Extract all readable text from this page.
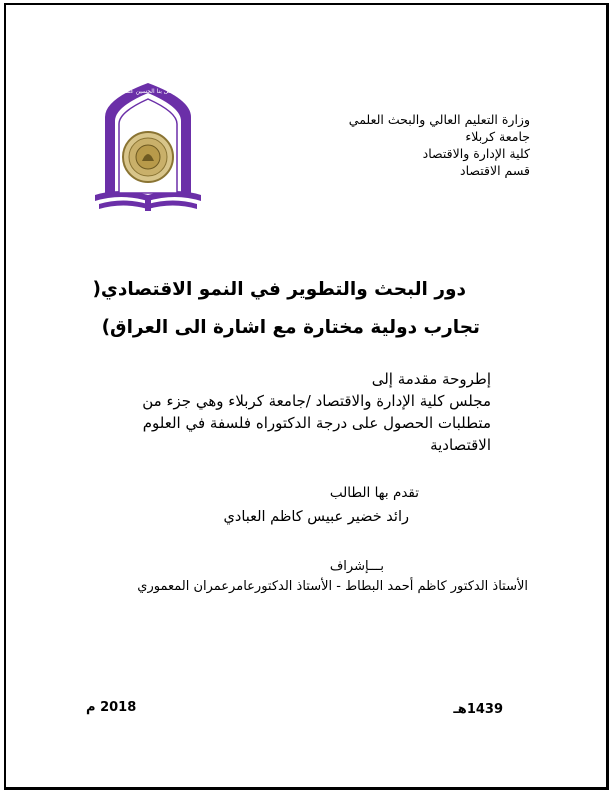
وسل بنا الحسين عسى
وزارة التعليم العالي والبحث العلمي
جامعة كربلاء
كلية الإدارة والاقتصاد
قسم الاقتصاد
دور البحث والتطوير في النمو الاقتصادي(
تجارب دولية مختارة مع اشارة الى العراق)
إطروحة مقدمة إلى
مجلس كلية الإدارة والاقتصاد /جامعة كربلاء وهي جزء من
متطلبات الحصول على درجة الدكتوراه فلسفة في العلوم
الاقتصادية
تقدم بها الطالب
رائد خضير عبيس كاظم العبادي
بـــإشراف
الأستاذ الدكتور كاظم أحمد البطاط - الأستاذ الدكتورعامرعمران المعموري
1439هـ
2018 م
